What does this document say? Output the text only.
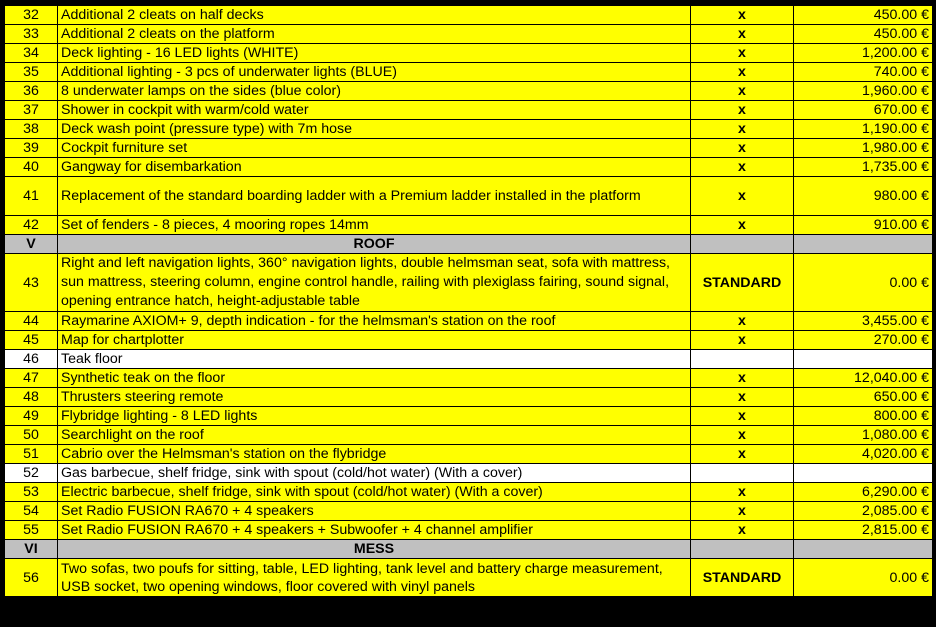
32	Additional 2 cleats on half decks	x	450.00 €
33	Additional 2 cleats on the platform	x	450.00 €
34	Deck lighting - 16 LED lights (WHITE)	x	1,200.00 €
35	Additional lighting - 3 pcs of underwater lights (BLUE)	x	740.00 €
36	8 underwater lamps on the sides (blue color)	x	1,960.00 €
37	Shower in cockpit with warm/cold water	x	670.00 €
38	Deck wash point (pressure type) with 7m hose	x	1,190.00 €
39	Cockpit furniture set	x	1,980.00 €
40	Gangway for disembarkation	x	1,735.00 €
41	Replacement of the standard boarding ladder with a Premium ladder installed in the platform	x	980.00 €
42	Set of fenders - 8 pieces, 4 mooring ropes 14mm	x	910.00 €
V	ROOF		
43	Right and left navigation lights, 360° navigation lights, double helmsman seat, sofa with mattress, sun mattress, steering column, engine control handle, railing with plexiglass fairing, sound signal, opening entrance hatch, height-adjustable table	STANDARD	0.00 €
44	Raymarine AXIOM+ 9, depth indication - for the helmsman's station on the roof	x	3,455.00 €
45	Map for chartplotter	x	270.00 €
46	Teak floor		
47	Synthetic teak on the floor	x	12,040.00 €
48	Thrusters steering remote	x	650.00 €
49	Flybridge lighting - 8 LED lights	x	800.00 €
50	Searchlight on the roof	x	1,080.00 €
51	Cabrio over the Helmsman's station on the flybridge	x	4,020.00 €
52	Gas barbecue, shelf fridge, sink with spout (cold/hot water) (With a cover)		
53	Electric barbecue, shelf fridge, sink with spout (cold/hot water) (With a cover)	x	6,290.00 €
54	Set Radio FUSION RA670 + 4 speakers	x	2,085.00 €
55	Set Radio FUSION RA670 + 4 speakers + Subwoofer + 4 channel amplifier	x	2,815.00 €
VI	MESS		
56	Two sofas, two poufs for sitting, table, LED lighting, tank level and battery charge measurement, USB socket, two opening windows, floor covered with vinyl panels	STANDARD	0.00 €
